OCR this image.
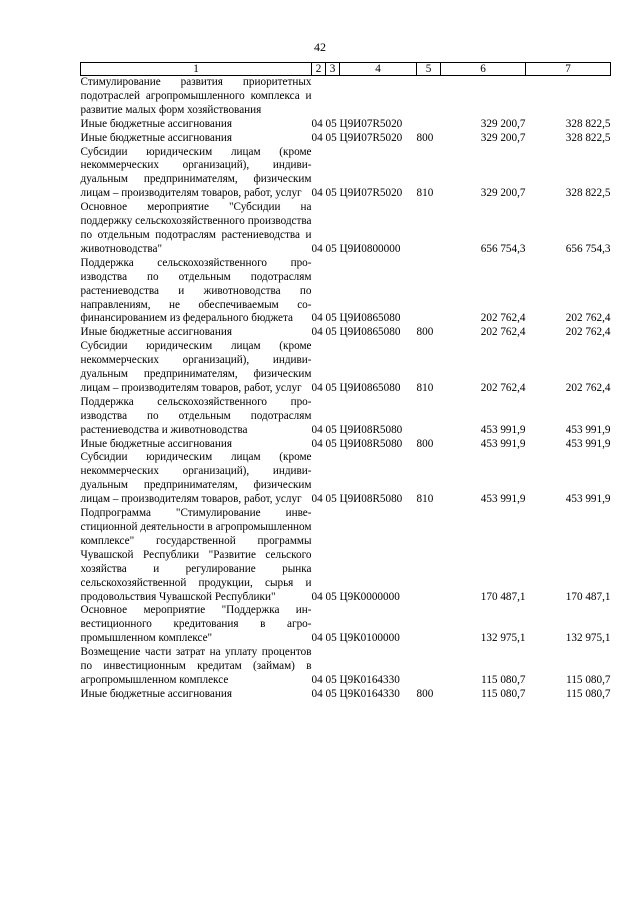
42
1	2	3	4	5	6	7
Стимулирование развития приоритетных подотраслей агропромышленного комплекса и развитие малых форм хозяйствования						
Иные бюджетные ассигнования	04	05	Ц9И07R5020		329 200,7	328 822,5
Иные бюджетные ассигнования	04	05	Ц9И07R5020	800	329 200,7	328 822,5
Субсидии юридическим лицам (кроме некоммерческих организаций), индивидуальным предпринимателям, физическим лицам – производителям товаров, работ, услуг	04	05	Ц9И07R5020	810	329 200,7	328 822,5
Основное мероприятие "Субсидии на поддержку сельскохозяйственного производства по отдельным подотраслям растениеводства и животноводства"	04	05	Ц9И0800000		656 754,3	656 754,3
Поддержка сельскохозяйственного производства по отдельным подотраслям растениеводства и животноводства по направлениям, не обеспечиваемым софинансированием из федерального бюджета	04	05	Ц9И0865080		202 762,4	202 762,4
Иные бюджетные ассигнования	04	05	Ц9И0865080	800	202 762,4	202 762,4
Субсидии юридическим лицам (кроме некоммерческих организаций), индивидуальным предпринимателям, физическим лицам – производителям товаров, работ, услуг	04	05	Ц9И0865080	810	202 762,4	202 762,4
Поддержка сельскохозяйственного производства по отдельным подотраслям растениеводства и животноводства	04	05	Ц9И08R5080		453 991,9	453 991,9
Иные бюджетные ассигнования	04	05	Ц9И08R5080	800	453 991,9	453 991,9
Субсидии юридическим лицам (кроме некоммерческих организаций), индивидуальным предпринимателям, физическим лицам – производителям товаров, работ, услуг	04	05	Ц9И08R5080	810	453 991,9	453 991,9
Подпрограмма "Стимулирование инвестиционной деятельности в агропромышленном комплексе" государственной программы Чувашской Республики "Развитие сельского хозяйства и регулирование рынка сельскохозяйственной продукции, сырья и продовольствия Чувашской Республики"	04	05	Ц9К0000000		170 487,1	170 487,1
Основное мероприятие "Поддержка инвестиционного кредитования в агропромышленном комплексе"	04	05	Ц9К0100000		132 975,1	132 975,1
Возмещение части затрат на уплату процентов по инвестиционным кредитам (займам) в агропромышленном комплексе	04	05	Ц9К0164330		115 080,7	115 080,7
Иные бюджетные ассигнования	04	05	Ц9К0164330	800	115 080,7	115 080,7
